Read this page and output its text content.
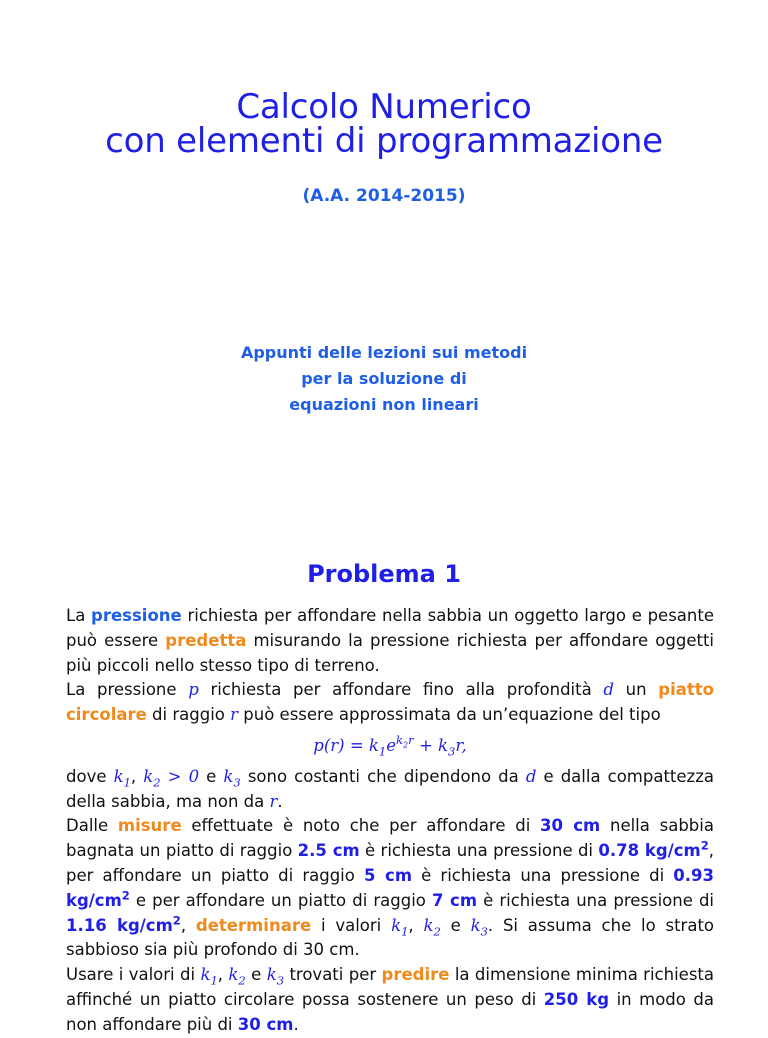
Calcolo Numerico
con elementi di programmazione
(A.A. 2014-2015)
Appunti delle lezioni sui metodi
per la soluzione di
equazioni non lineari
Problema 1

La pressione richiesta per affondare nella sabbia un oggetto largo e pesante può essere predetta misurando la pressione richiesta per affondare oggetti più piccoli nello stesso tipo di terreno.

La pressione p richiesta per affondare fino alla profondità d un piatto circolare di raggio r può essere approssimata da un’equazione del tipo

$p(r) = k_1e^{k_2r} + k_3r$,

dove $k_1$, $k_2 > 0$ e $k_3$ sono costanti che dipendono da d e dalla compattezza della sabbia, ma non da r.

Dalle misure effettuate è noto che per affondare di 30 cm nella sabbia bagnata un piatto di raggio 2.5 cm è richiesta una pressione di 0.78 $kg/cm^2$, per affondare un piatto di raggio 5 cm è richiesta una pressione di 0.93 $kg/cm^2$ e per affondare un piatto di raggio 7 cm è richiesta una pressione di 1.16 $kg/cm^2$, determinare i valori $k_1$, $k_2$ e $k_3$. Si assuma che lo strato sabbioso sia più profondo di 30 cm.

Usare i valori di $k_1$, $k_2$ e $k_3$ trovati per predire la dimensione minima richiesta affinché un piatto circolare possa sostenere un peso di 250 kg in modo da non affondare più di 30 cm.
